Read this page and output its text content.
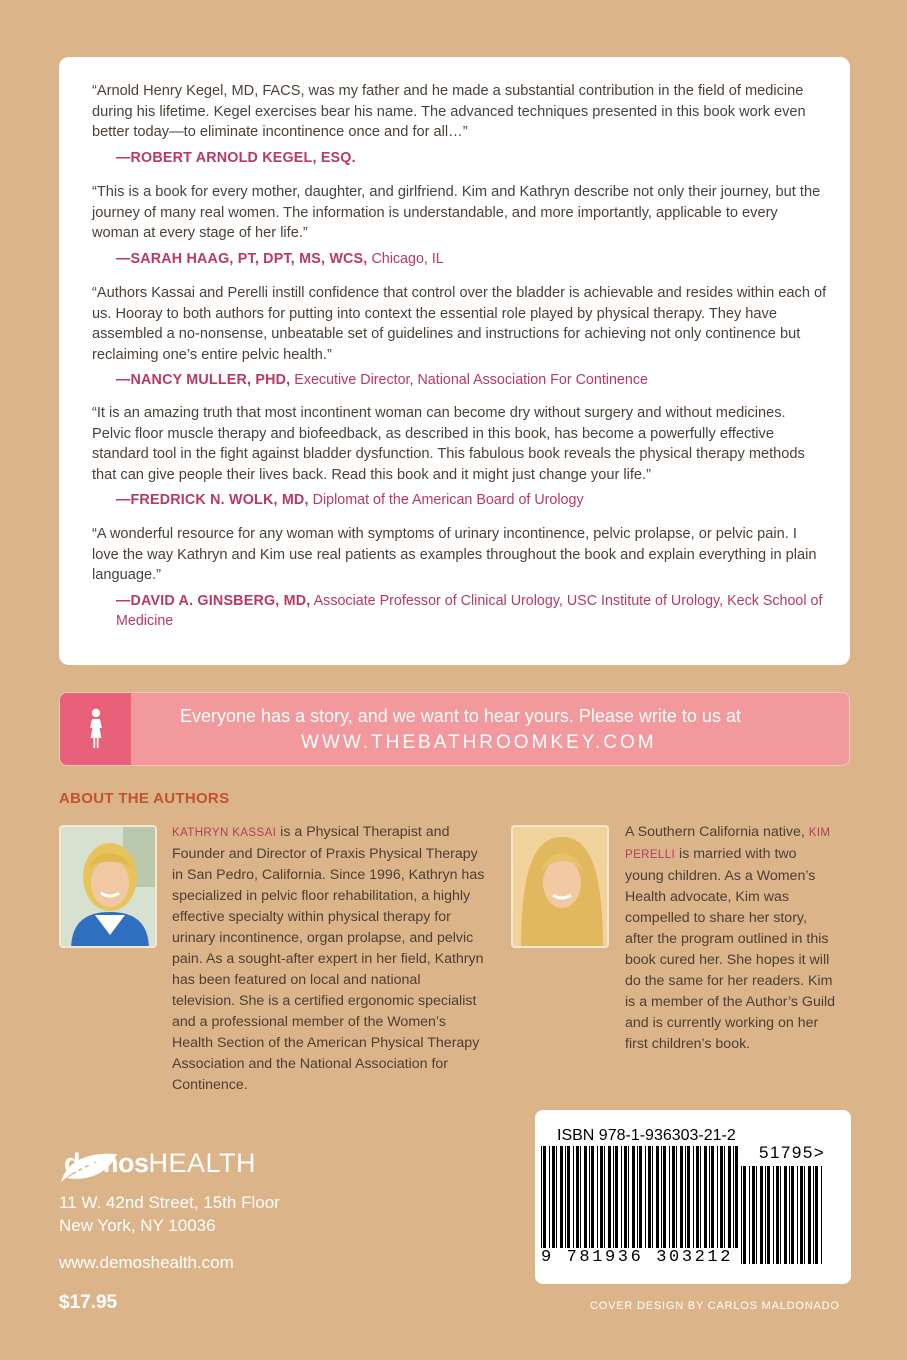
“Arnold Henry Kegel, MD, FACS, was my father and he made a substantial contribution in the field of medicine during his lifetime. Kegel exercises bear his name. The advanced techniques presented in this book work even better today—to eliminate incontinence once and for all…”

—ROBERT ARNOLD KEGEL, ESQ.

“This is a book for every mother, daughter, and girlfriend. Kim and Kathryn describe not only their journey, but the journey of many real women. The information is understandable, and more importantly, applicable to every woman at every stage of her life.”

—SARAH HAAG, PT, DPT, MS, WCS, Chicago, IL

“Authors Kassai and Perelli instill confidence that control over the bladder is achievable and resides within each of us. Hooray to both authors for putting into context the essential role played by physical therapy. They have assembled a no-nonsense, unbeatable set of guidelines and instructions for achieving not only continence but reclaiming one’s entire pelvic health.”

—NANCY MULLER, PHD, Executive Director, National Association For Continence

“It is an amazing truth that most incontinent woman can become dry without surgery and without medicines. Pelvic floor muscle therapy and biofeedback, as described in this book, has become a powerfully effective standard tool in the fight against bladder dysfunction. This fabulous book reveals the physical therapy methods that can give people their lives back. Read this book and it might just change your life.”

—FREDRICK N. WOLK, MD, Diplomat of the American Board of Urology

“A wonderful resource for any woman with symptoms of urinary incontinence, pelvic prolapse, or pelvic pain. I love the way Kathryn and Kim use real patients as examples throughout the book and explain everything in plain language.”

—DAVID A. GINSBERG, MD, Associate Professor of Clinical Urology, USC Institute of Urology, Keck School of Medicine
Everyone has a story, and we want to hear yours. Please write to us at
WWW.THEBATHROOMKEY.COM
ABOUT THE AUTHORS
KATHRYN KASSAI is a Physical Therapist and Founder and Director of Praxis Physical Therapy in San Pedro, California. Since 1996, Kathryn has specialized in pelvic floor rehabilitation, a highly effective specialty within physical therapy for urinary incontinence, organ prolapse, and pelvic pain. As a sought-after expert in her field, Kathryn has been featured on local and national television. She is a certified ergonomic specialist and a professional member of the Women’s Health Section of the American Physical Therapy Association and the National Association for Continence.
A Southern California native, KIM PERELLI is married with two young children. As a Women’s Health advocate, Kim was compelled to share her story, after the program outlined in this book cured her. She hopes it will do the same for her readers. Kim is a member of the Author’s Guild and is currently working on her first children’s book.
demosHEALTH
11 W. 42nd Street, 15th Floor
New York, NY 10036
www.demoshealth.com
$17.95
ISBN 978-1-936303-21-2
51795>
9 781936 303212
COVER DESIGN BY CARLOS MALDONADO
